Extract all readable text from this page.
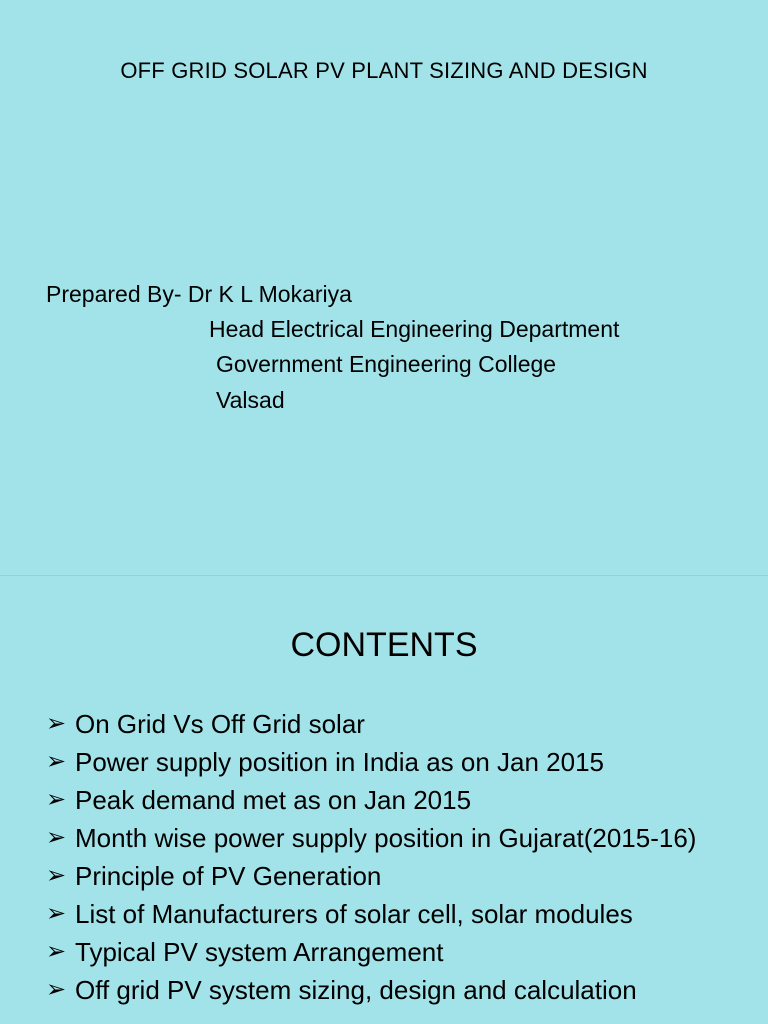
OFF GRID SOLAR PV PLANT SIZING AND DESIGN
Prepared By- Dr K L Mokariya
Head Electrical Engineering Department
Government Engineering College
Valsad
CONTENTS
➢ On Grid Vs Off Grid solar
➢ Power supply position in India as on Jan 2015
➢ Peak demand met as on Jan 2015
➢ Month wise power supply position in Gujarat(2015-16)
➢ Principle of PV Generation
➢ List of Manufacturers of solar cell, solar modules
➢ Typical PV system Arrangement
➢ Off grid PV system sizing, design and calculation
